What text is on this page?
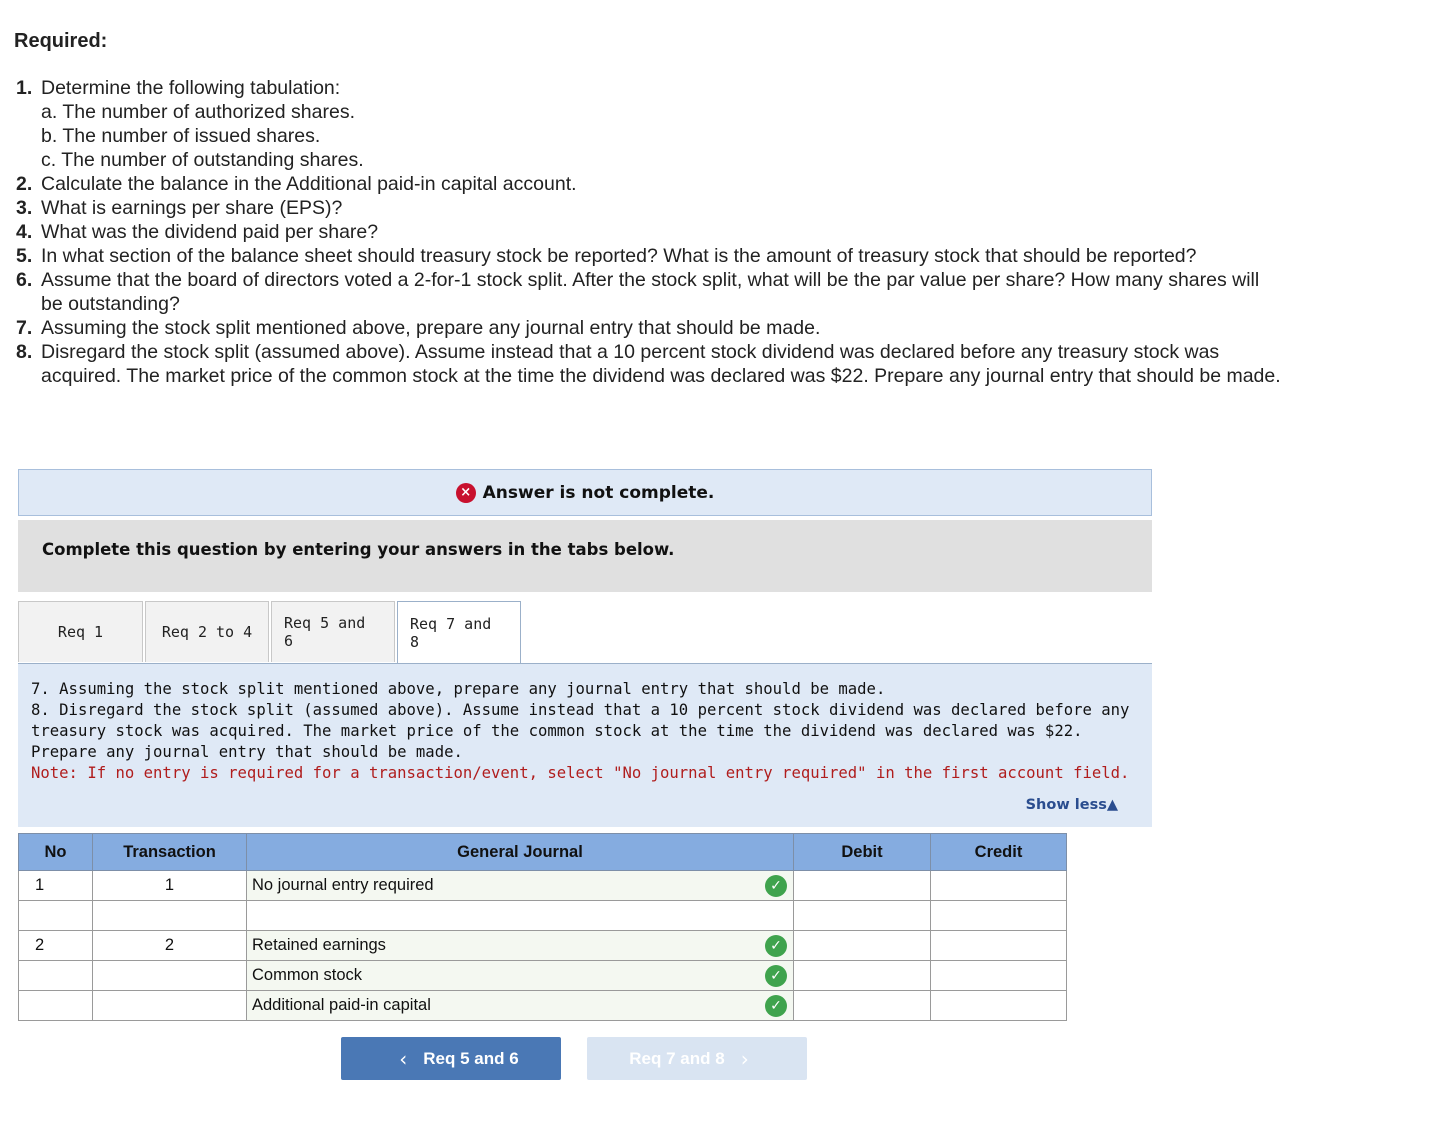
Required:
1. Determine the following tabulation:
a. The number of authorized shares.
b. The number of issued shares.
c. The number of outstanding shares.
2. Calculate the balance in the Additional paid-in capital account.
3. What is earnings per share (EPS)?
4. What was the dividend paid per share?
5. In what section of the balance sheet should treasury stock be reported? What is the amount of treasury stock that should be reported?
6. Assume that the board of directors voted a 2-for-1 stock split. After the stock split, what will be the par value per share? How many shares will be outstanding?
7. Assuming the stock split mentioned above, prepare any journal entry that should be made.
8. Disregard the stock split (assumed above). Assume instead that a 10 percent stock dividend was declared before any treasury stock was acquired. The market price of the common stock at the time the dividend was declared was $22. Prepare any journal entry that should be made.
× Answer is not complete.
Complete this question by entering your answers in the tabs below.
Req 1	Req 2 to 4	Req 5 and 6
Req 7 and 8
7. Assuming the stock split mentioned above, prepare any journal entry that should be made.
8. Disregard the stock split (assumed above). Assume instead that a 10 percent stock dividend was declared before any treasury stock was acquired. The market price of the common stock at the time the dividend was declared was $22. Prepare any journal entry that should be made.
Note: If no entry is required for a transaction/event, select "No journal entry required" in the first account field.
Show less▲
No	Transaction	General Journal	Debit	Credit
1	1	No journal entry required ✓		

2	2	Retained earnings ✓		

		Common stock ✓		

		Additional paid-in capital ✓		

‹ Req 5 and 6	Req 7 and 8 ›
